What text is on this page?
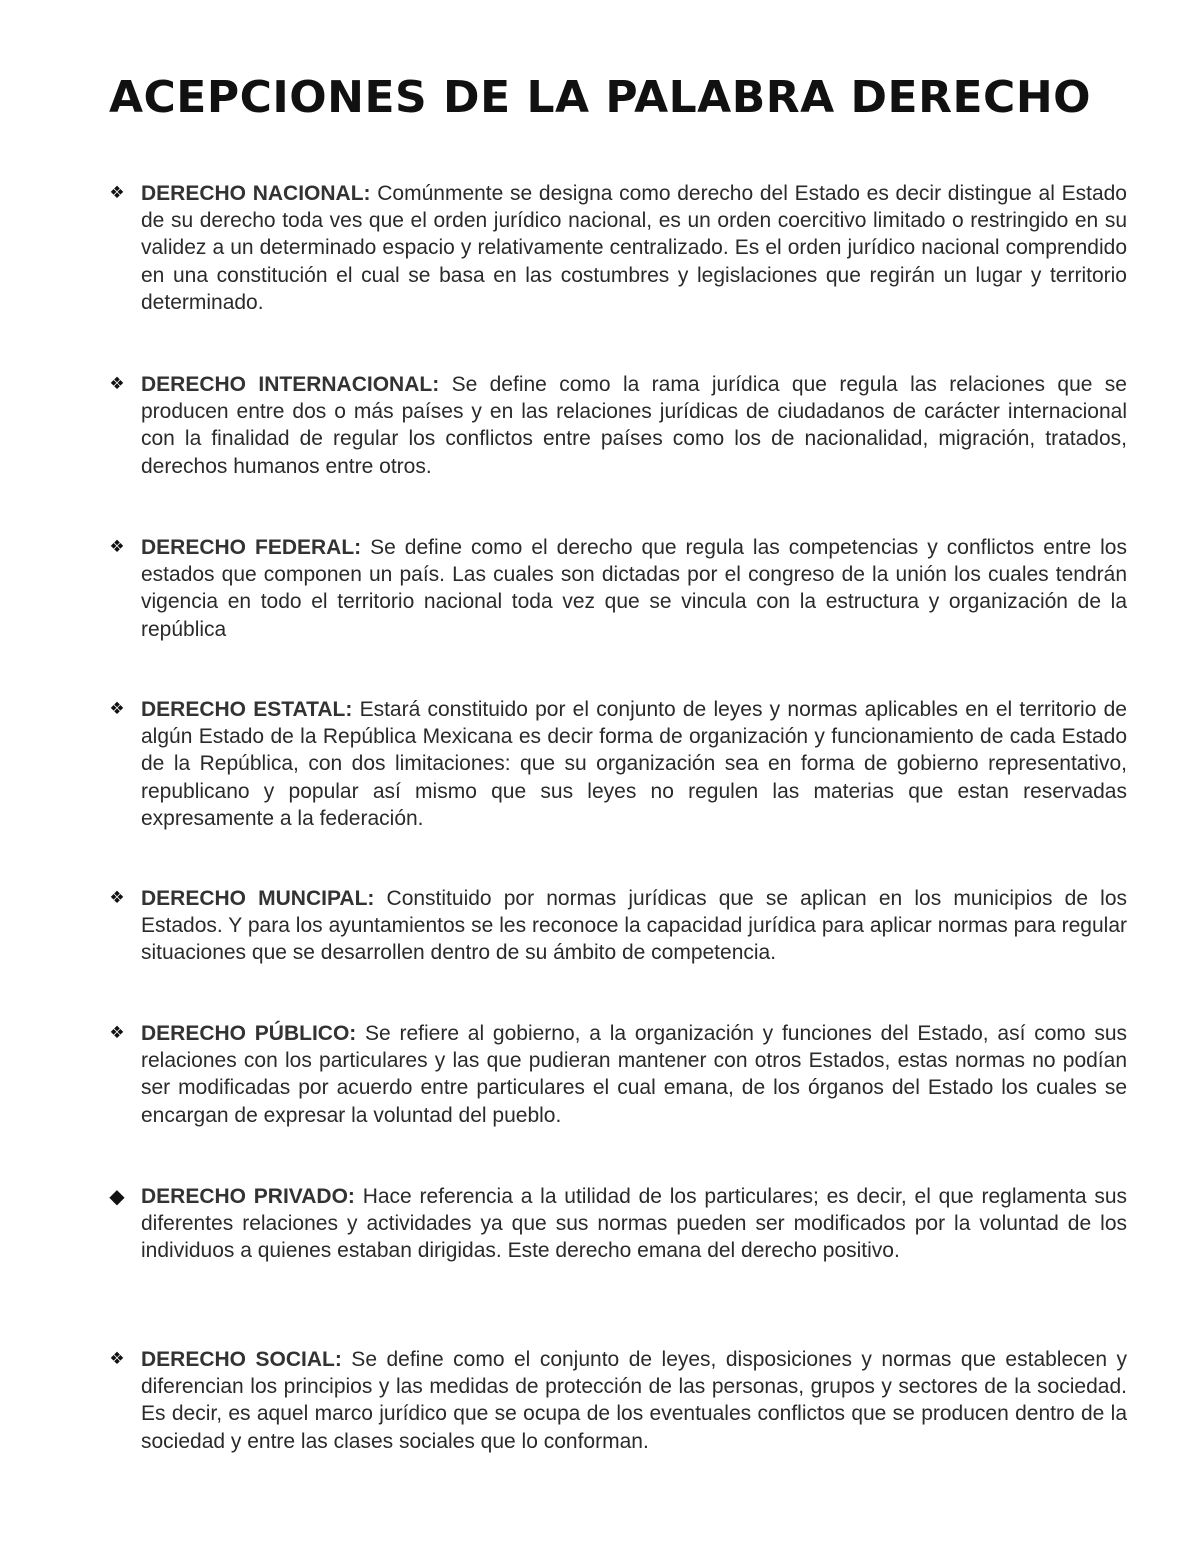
ACEPCIONES DE LA PALABRA DERECHO
❖ DERECHO NACIONAL: Comúnmente se designa como derecho del Estado es decir distingue al Estado de su derecho toda ves que el orden jurídico nacional, es un orden coercitivo limitado o restringido en su validez a un determinado espacio y relativamente centralizado. Es el orden jurídico nacional comprendido en una constitución el cual se basa en las costumbres y legislaciones que regirán un lugar y territorio determinado.
❖ DERECHO INTERNACIONAL: Se define como la rama jurídica que regula las relaciones que se producen entre dos o más países y en las relaciones jurídicas de ciudadanos de carácter internacional con la finalidad de regular los conflictos entre países como los de nacionalidad, migración, tratados, derechos humanos entre otros.
❖ DERECHO FEDERAL: Se define como el derecho que regula las competencias y conflictos entre los estados que componen un país. Las cuales son dictadas por el congreso de la unión los cuales tendrán vigencia en todo el territorio nacional toda vez que se vincula con la estructura y organización de la república
❖ DERECHO ESTATAL: Estará constituido por el conjunto de leyes y normas aplicables en el territorio de algún Estado de la República Mexicana es decir forma de organización y funcionamiento de cada Estado de la República, con dos limitaciones: que su organización sea en forma de gobierno representativo, republicano y popular así mismo que sus leyes no regulen las materias que estan reservadas expresamente a la federación.
❖ DERECHO MUNCIPAL: Constituido por normas jurídicas que se aplican en los municipios de los Estados. Y para los ayuntamientos se les reconoce la capacidad jurídica para aplicar normas para regular situaciones que se desarrollen dentro de su ámbito de competencia.
❖ DERECHO PÚBLICO: Se refiere al gobierno, a la organización y funciones del Estado, así como sus relaciones con los particulares y las que pudieran mantener con otros Estados, estas normas no podían ser modificadas por acuerdo entre particulares el cual emana, de los órganos del Estado los cuales se encargan de expresar la voluntad del pueblo.
◆ DERECHO PRIVADO: Hace referencia a la utilidad de los particulares; es decir, el que reglamenta sus diferentes relaciones y actividades ya que sus normas pueden ser modificados por la voluntad de los individuos a quienes estaban dirigidas. Este derecho emana del derecho positivo.
❖ DERECHO SOCIAL: Se define como el conjunto de leyes, disposiciones y normas que establecen y diferencian los principios y las medidas de protección de las personas, grupos y sectores de la sociedad. Es decir, es aquel marco jurídico que se ocupa de los eventuales conflictos que se producen dentro de la sociedad y entre las clases sociales que lo conforman.
